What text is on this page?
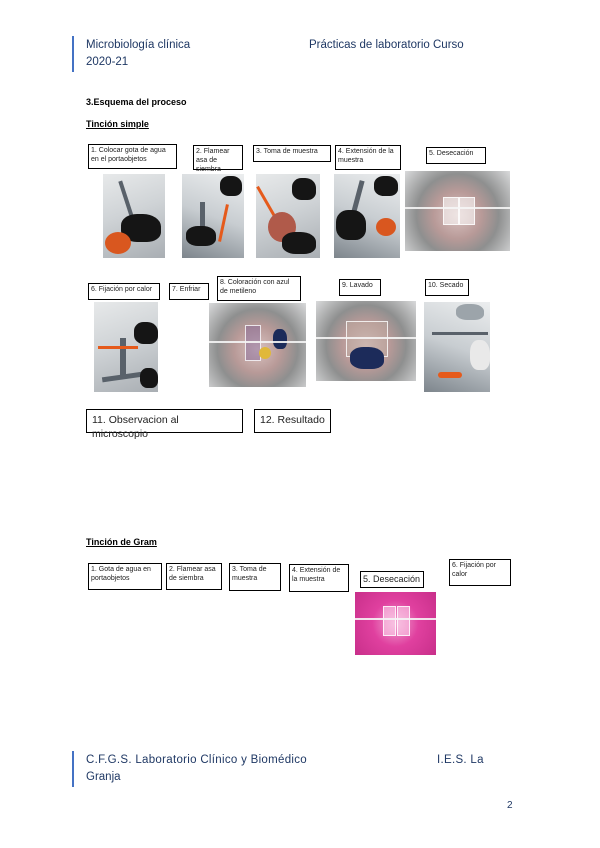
Microbiología clínica
2020-21
Prácticas de laboratorio Curso
3.Esquema del proceso
Tinción simple
1. Colocar gota de agua en el portaobjetos
2. Flamear asa de siembra
3. Toma de muestra	4. Extensión de la muestra
5. Desecación
6. Fijación por calor	7. Enfriar
8. Coloración con azul de metileno
9. Lavado	10. Secado
11. Observacion al microscopio
12. Resultado
Tinción de Gram
1. Gota de agua en portaobjetos
2. Flamear asa de siembra
3. Toma de muestra
4. Extensión de la muestra	5. Desecación
6. Fijación por calor
C.F.G.S. Laboratorio Clínico y Biomédico
Granja
I.E.S. La
2
